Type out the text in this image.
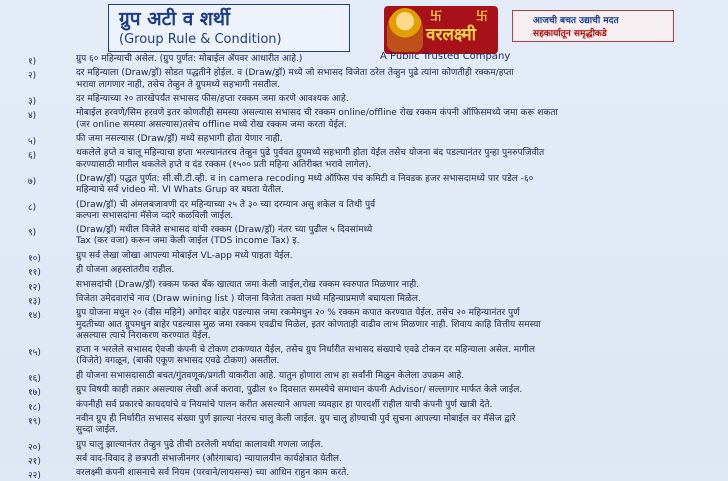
ग्रुप अटी व शर्थी
(Group Rule & Condition)
卐	卐
वरलक्ष्मी
A Public Trusted Company
आजची बचत उद्याची मदत
सहकार्यातून समृद्धीकडे
१)	ग्रुप ६० महिन्याची असेल. (ग्रुप पुर्णत: मोबाईल ॲपवर आधारीत आहे.)
२)	दर महिन्याला (Draw/ड्रॉ) सोडत पद्धतीने होईल. व (Draw/ड्रॉ) मध्ये जो सभासद विजेता ठरेल तेव्हुन पुढे त्यांना कोणतीही रक्कम/हप्ता
भरावा लागणार नाही, तसेच तेव्हुन ते ग्रुपमध्ये सहभागी नसतील.
३)	दर महिन्याच्या २० तारखेपर्यंत सभासद फीस/हप्ता रक्कम जमा करणे आवश्यक आहे.
४)	मोबाईल हरवणे/सिम हरवणे इतर कोणतीही समस्या असल्यास सभासद ची रक्कम online/offline रोख रक्कम कंपनी ऑफिसमध्ये जमा करू शकता
(जर online समस्या असल्यास)तसेच offline मध्ये रोख रक्कम जमा करता येईल.
५)	फी जमा नसल्यास (Draw/ड्रॉ) मध्ये सहभागी होता येणार नाही.
६)	थकलेले हप्ते व चालू महिन्याचा हप्ता भरल्यानंतरच तेव्हुन पुढे पुर्ववत ग्रुपमध्ये सहभागी होता येईल तसेच योजना बंद पडल्यानंतर पुन्हा पुनरुपजिवीत
करण्यासाठी मागील थकलेले हप्ते व दंड रक्कम (१५०० प्रती महिना अतिरीक्त भरावे लागेल).
७)	(Draw/ड्रॉ) पद्धत पुर्णत: सी.सी.टी.व्ही. व in camera recoding मध्ये ऑफिस पंच कमिटी व निवडक हजर सभासदामध्ये पार पडेल -६०
महिन्याचे सर्व video मो. VI Whats Grup वर बघता येतील.
८)	(Draw/ड्रॉ) ची अंमलबजावणी दर महिन्याच्या २५ ते ३० च्या दरम्यान असु शकेल व तिथी पुर्व
कल्पना सभासदांना मॅसेज व्दारे कळविली जाईल.
९)	(Draw/ड्रॉ) मधील विजेते सभासद यांची रक्कम (Draw/ड्रॉ) नंतर च्या पुढील ५ दिवसांमध्ये
Tax (कर वजा) करून जमा केली जाईल (TDS income Tax) इ.
१०)	ग्रुप सर्व लेखा जोखा आपल्या मोबाईल VL-app मध्ये पाहता येईल.
११)	ही योजना अहस्तांतरीय राहील.
१२)	सभासदांची (Draw/ड्रॉ) रक्कम फक्त बँक खात्यात जमा केली जाईल,रोख रक्कम स्वरुपात मिळणार नाही.
१३)	विजेता उमेदवारांचे नाव (Draw wining list ) योजना विजेता तक्ता मध्ये महिन्याप्रमाणे बघायला मिळेल.
१४)	ग्रुप योजना मधून २० (वीस महिने) अगोदर बाहेर पडल्यास जमा रकमेमधुन २० % रक्कम कपात करण्यात येईल. तसेच २० महिन्यानंतर पुर्ण
मुदतीच्या आत ग्रुपमधुन बाहेर पडल्यास मुळ जमा रक्कम एवढीच मिळेल, इतर कोणताही वाढीव लाभ मिळणार नाही. शिवाय काहि वित्तीय समस्या
असल्यास त्याचे निराकरण करण्यात येईल.
१५)	हप्ता न भरलेले सभासद ऐवजी कंपनी चे टोकण टाकण्यात येईल, तसेच ग्रुप निर्धारीत सभासद संख्याचे एवढे टोकन दर महिन्याला असेल. मागील
(विजेते) वगळून, (बाकी एकूण सभासद एवढे टोकण) असतील.
१६)	ही योजना सभासदासाठी बचत/गुंतवणूक/प्रगती याकरीता आहे. यातुन होणारा लाभ हा सर्वांनी मिळुन केलेला उपक्रम आहे.
१७)	ग्रुप विषयी काही तक्रार असल्यास लेखी अर्ज करावा, पुढील १० दिवसात समस्येचे समाधान कंपनी Advisor/ सल्लागार मार्फत केले जाईल.
१८)	कंपनीही सर्व प्रकारचे कायदयांचे व नियमांचे पालन करीत असल्याने आपला व्यवहार हा पारदर्शी राहील याची कंपनी पुर्ण खात्री देते.
१९)	नवीन ग्रुप ही निर्धारीत सभासद संख्या पुर्ण झाल्या नंतरच चालु केली जाईल. ग्रुप चालु होण्याची पुर्व सुचना आपल्या मोबाईल वर मॅसेज द्वारे
सुच्दा जाईल.
२०)	ग्रुप चालु झाल्यानंतर तेव्हुन पुढे तीची ठरलेली मर्यादा कालावधी गणला जाईल.
२१)	सर्व वाद-विवाद हे छत्रपती संभाजीनगर (औरंगाबाद) न्यायालयीन कार्यक्षेत्रात येतील.
२२)	वरलक्ष्मी कंपनी शासनाचे सर्व नियम (परवाने/लायसन्स) च्या आधिन राहुन काम करते.
